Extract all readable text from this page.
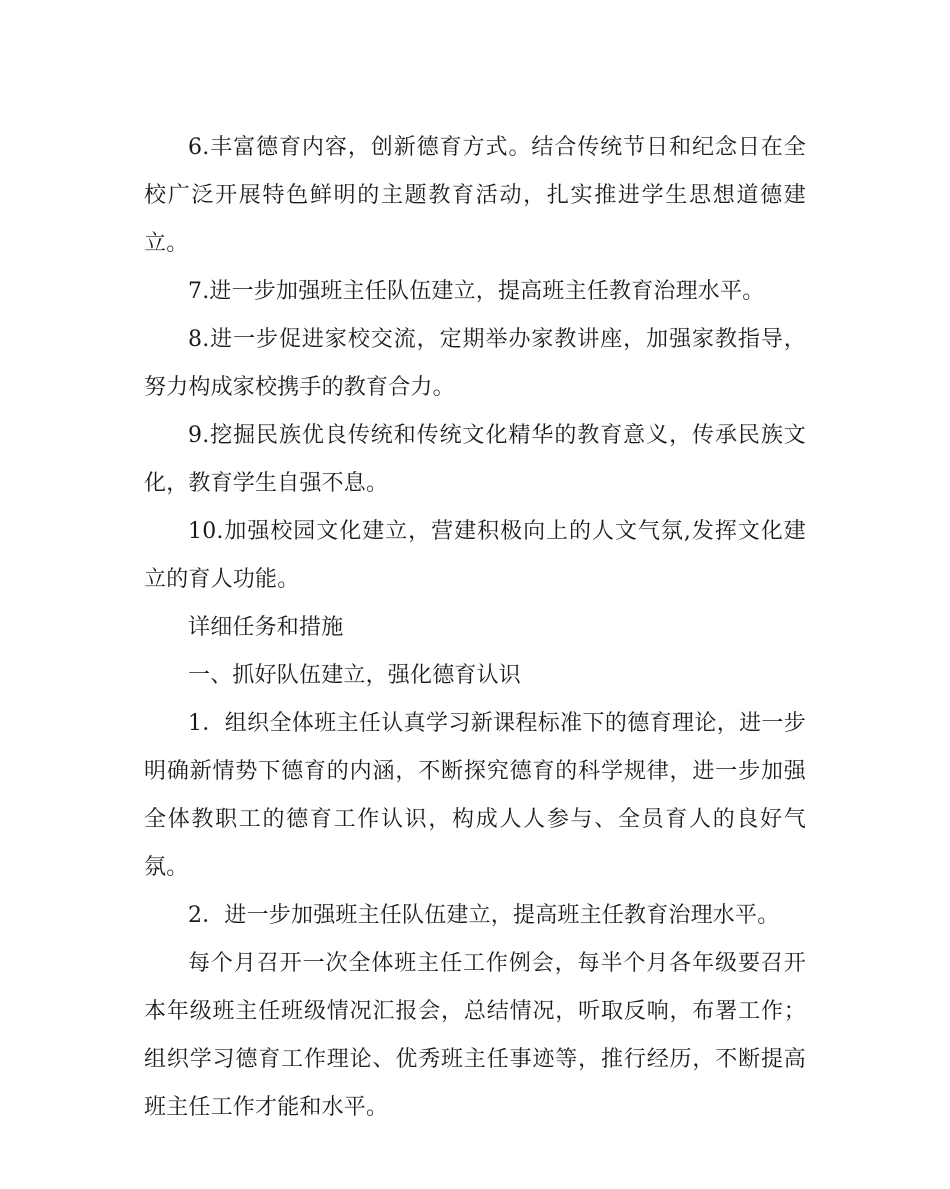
6.丰富德育内容，创新德育方式。结合传统节日和纪念日在全校广泛开展特色鲜明的主题教育活动，扎实推进学生思想道德建立。

7.进一步加强班主任队伍建立，提高班主任教育治理水平。

8.进一步促进家校交流，定期举办家教讲座，加强家教指导，努力构成家校携手的教育合力。

9.挖掘民族优良传统和传统文化精华的教育意义，传承民族文化，教育学生自强不息。

10.加强校园文化建立，营建积极向上的人文气氛,发挥文化建立的育人功能。

详细任务和措施

一、抓好队伍建立，强化德育认识

1．组织全体班主任认真学习新课程标准下的德育理论，进一步明确新情势下德育的内涵，不断探究德育的科学规律，进一步加强全体教职工的德育工作认识，构成人人参与、全员育人的良好气氛。

2．进一步加强班主任队伍建立，提高班主任教育治理水平。

每个月召开一次全体班主任工作例会，每半个月各年级要召开本年级班主任班级情况汇报会，总结情况，听取反响，布署工作；组织学习德育工作理论、优秀班主任事迹等，推行经历，不断提高班主任工作才能和水平。
